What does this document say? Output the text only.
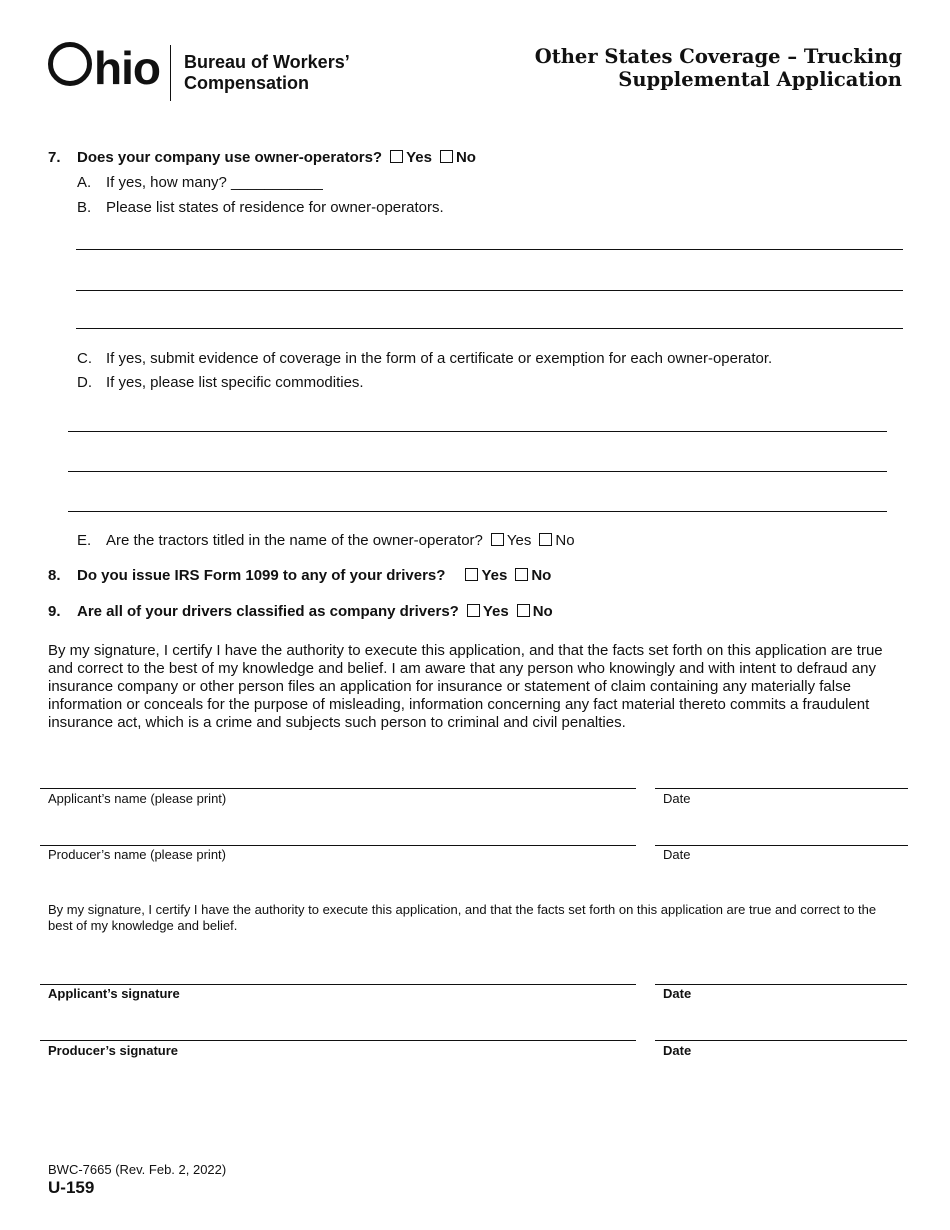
hio Bureau of Workers’
Compensation
Other States Coverage – Trucking
Supplemental Application
7. Does your company use owner-operators? Yes No
A. If yes, how many? ___________
B. Please list states of residence for owner-operators.
C. If yes, submit evidence of coverage in the form of a certificate or exemption for each owner-operator.
D. If yes, please list specific commodities.
E. Are the tractors titled in the name of the owner-operator? Yes No
8. Do you issue IRS Form 1099 to any of your drivers? Yes No
9. Are all of your drivers classified as company drivers? Yes No
By my signature, I certify I have the authority to execute this application, and that the facts set forth on this application are true and correct to the best of my knowledge and belief. I am aware that any person who knowingly and with intent to defraud any insurance company or other person files an application for insurance or statement of claim containing any materially false information or conceals for the purpose of misleading, information concerning any fact material thereto commits a fraudulent insurance act, which is a crime and subjects such person to criminal and civil penalties.
Applicant’s name (please print)	Date
Producer’s name (please print)	Date
By my signature, I certify I have the authority to execute this application, and that the facts set forth on this application are true and correct to the best of my knowledge and belief.
Applicant’s signature	Date
Producer’s signature	Date
BWC-7665 (Rev. Feb. 2, 2022)
U-159
